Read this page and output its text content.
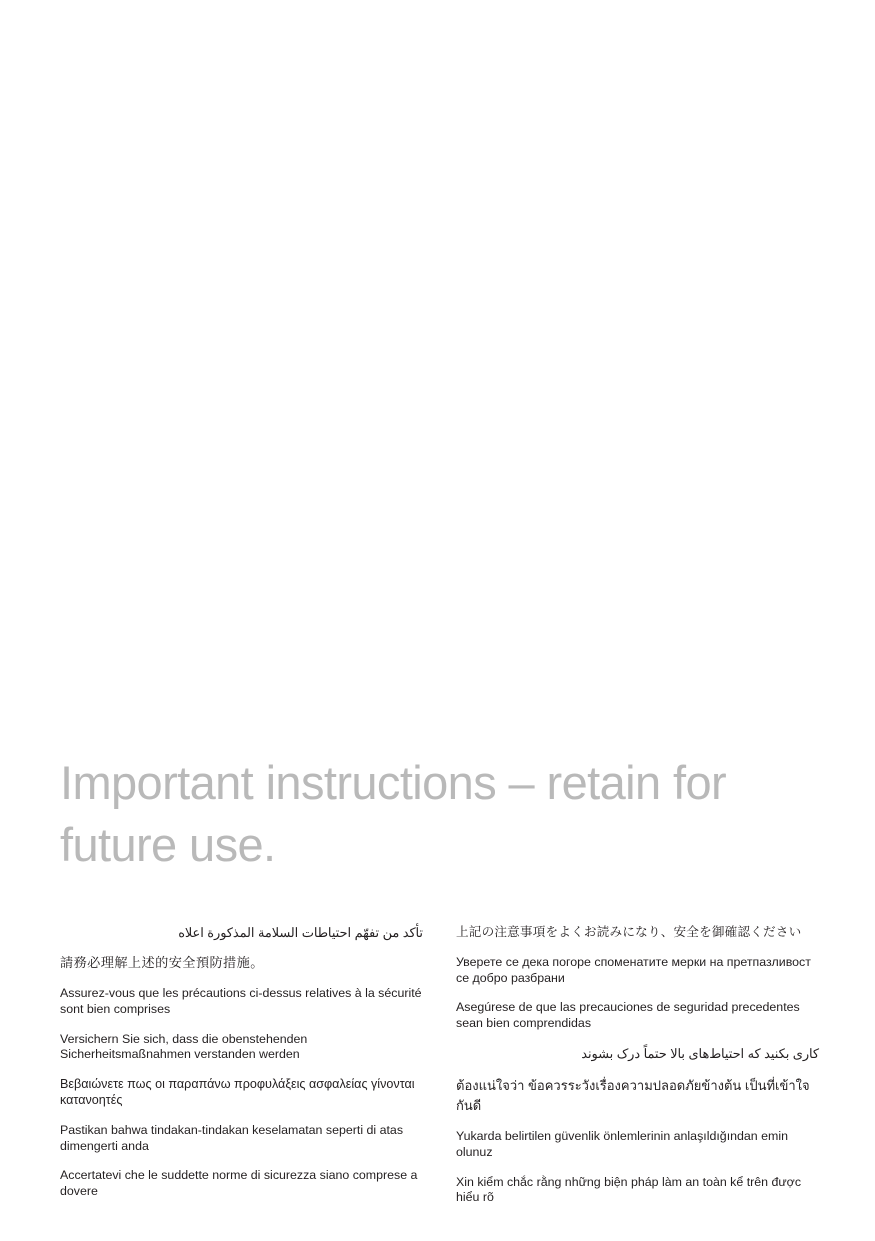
Important instructions – retain for future use.
تأكد من تفهّم احتياطات السلامة المذكورة اعلاه
請務必理解上述的安全預防措施。
Assurez-vous que les précautions ci-dessus relatives à la sécurité sont bien comprises
Versichern Sie sich, dass die obenstehenden Sicherheitsmaßnahmen verstanden werden
Βεβαιώνετε πως οι παραπάνω προφυλάξεις ασφαλείας γίνονται κατανοητές
Pastikan bahwa tindakan-tindakan keselamatan seperti di atas dimengerti anda
Accertatevi che le suddette norme di sicurezza siano comprese a dovere
上記の注意事項をよくお読みになり、安全を御確認ください
Уверете се дека погоре споменатите мерки на претпазливост се добро разбрани
Asegúrese de que las precauciones de seguridad precedentes sean bien comprendidas
کاری بکنید که احتیاط‌های بالا حتماً درک بشوند
ต้องแน่ใจว่า ข้อควรระวังเรื่องความปลอดภัยข้างต้น เป็นที่เข้าใจกันดี
Yukarda belirtilen güvenlik önlemlerinin anlaşıldığından emin olunuz
Xin kiểm chắc rằng những biện pháp làm an toàn kể trên được hiểu rõ
